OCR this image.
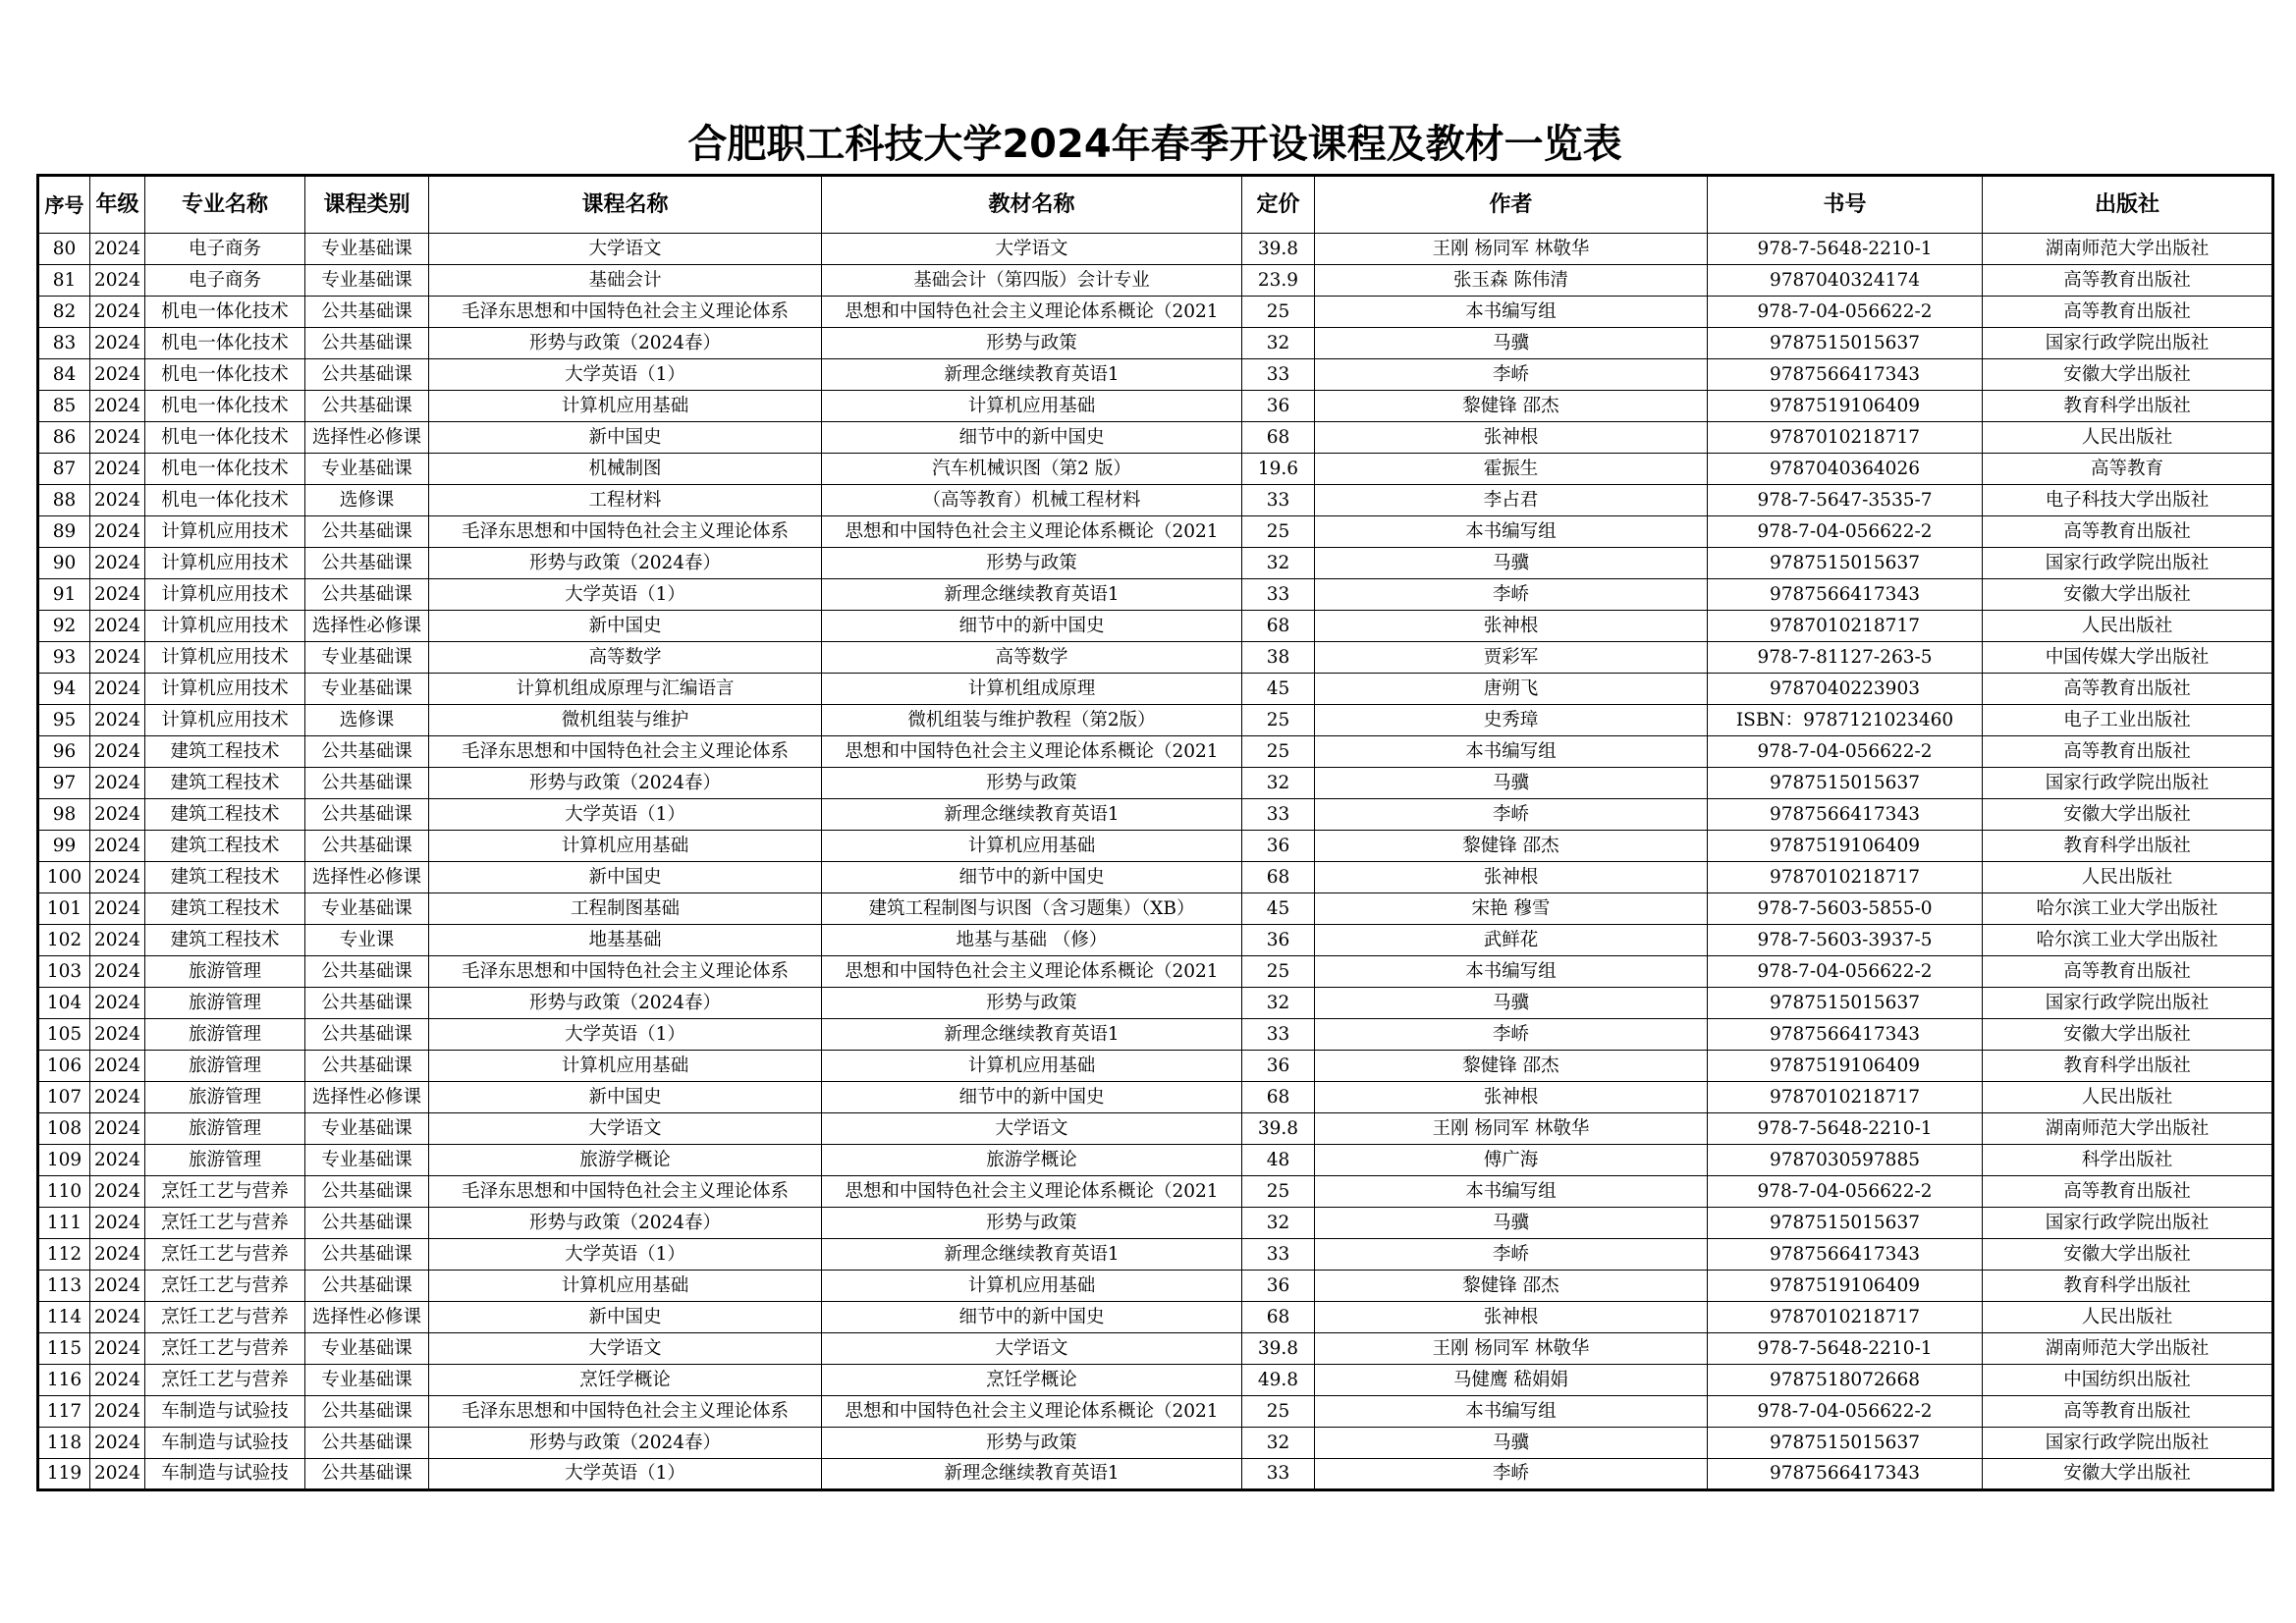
合肥职工科技大学2024年春季开设课程及教材一览表
序号	年级	专业名称	课程类别	课程名称	教材名称	定价	作者	书号	出版社
80	2024	电子商务	专业基础课	大学语文	大学语文	39.8	王刚 杨同军 林敬华	978-7-5648-2210-1	湖南师范大学出版社
81	2024	电子商务	专业基础课	基础会计	基础会计（第四版）会计专业	23.9	张玉森 陈伟清	9787040324174	高等教育出版社
82	2024	机电一体化技术	公共基础课	毛泽东思想和中国特色社会主义理论体系	思想和中国特色社会主义理论体系概论（2021	25	本书编写组	978-7-04-056622-2	高等教育出版社
83	2024	机电一体化技术	公共基础课	形势与政策（2024春）	形势与政策	32	马骥	9787515015637	国家行政学院出版社
84	2024	机电一体化技术	公共基础课	大学英语（1）	新理念继续教育英语1	33	李峤	9787566417343	安徽大学出版社
85	2024	机电一体化技术	公共基础课	计算机应用基础	计算机应用基础	36	黎健锋 邵杰	9787519106409	教育科学出版社
86	2024	机电一体化技术	选择性必修课	新中国史	细节中的新中国史	68	张神根	9787010218717	人民出版社
87	2024	机电一体化技术	专业基础课	机械制图	汽车机械识图（第2 版）	19.6	霍振生	9787040364026	高等教育
88	2024	机电一体化技术	选修课	工程材料	（高等教育）机械工程材料	33	李占君	978-7-5647-3535-7	电子科技大学出版社
89	2024	计算机应用技术	公共基础课	毛泽东思想和中国特色社会主义理论体系	思想和中国特色社会主义理论体系概论（2021	25	本书编写组	978-7-04-056622-2	高等教育出版社
90	2024	计算机应用技术	公共基础课	形势与政策（2024春）	形势与政策	32	马骥	9787515015637	国家行政学院出版社
91	2024	计算机应用技术	公共基础课	大学英语（1）	新理念继续教育英语1	33	李峤	9787566417343	安徽大学出版社
92	2024	计算机应用技术	选择性必修课	新中国史	细节中的新中国史	68	张神根	9787010218717	人民出版社
93	2024	计算机应用技术	专业基础课	高等数学	高等数学	38	贾彩军	978-7-81127-263-5	中国传媒大学出版社
94	2024	计算机应用技术	专业基础课	计算机组成原理与汇编语言	计算机组成原理	45	唐朔飞	9787040223903	高等教育出版社
95	2024	计算机应用技术	选修课	微机组装与维护	微机组装与维护教程（第2版）	25	史秀璋	ISBN：9787121023460	电子工业出版社
96	2024	建筑工程技术	公共基础课	毛泽东思想和中国特色社会主义理论体系	思想和中国特色社会主义理论体系概论（2021	25	本书编写组	978-7-04-056622-2	高等教育出版社
97	2024	建筑工程技术	公共基础课	形势与政策（2024春）	形势与政策	32	马骥	9787515015637	国家行政学院出版社
98	2024	建筑工程技术	公共基础课	大学英语（1）	新理念继续教育英语1	33	李峤	9787566417343	安徽大学出版社
99	2024	建筑工程技术	公共基础课	计算机应用基础	计算机应用基础	36	黎健锋 邵杰	9787519106409	教育科学出版社
100	2024	建筑工程技术	选择性必修课	新中国史	细节中的新中国史	68	张神根	9787010218717	人民出版社
101	2024	建筑工程技术	专业基础课	工程制图基础	建筑工程制图与识图（含习题集）（XB）	45	宋艳 穆雪	978-7-5603-5855-0	哈尔滨工业大学出版社
102	2024	建筑工程技术	专业课	地基基础	地基与基础 （修）	36	武鲜花	978-7-5603-3937-5	哈尔滨工业大学出版社
103	2024	旅游管理	公共基础课	毛泽东思想和中国特色社会主义理论体系	思想和中国特色社会主义理论体系概论（2021	25	本书编写组	978-7-04-056622-2	高等教育出版社
104	2024	旅游管理	公共基础课	形势与政策（2024春）	形势与政策	32	马骥	9787515015637	国家行政学院出版社
105	2024	旅游管理	公共基础课	大学英语（1）	新理念继续教育英语1	33	李峤	9787566417343	安徽大学出版社
106	2024	旅游管理	公共基础课	计算机应用基础	计算机应用基础	36	黎健锋 邵杰	9787519106409	教育科学出版社
107	2024	旅游管理	选择性必修课	新中国史	细节中的新中国史	68	张神根	9787010218717	人民出版社
108	2024	旅游管理	专业基础课	大学语文	大学语文	39.8	王刚 杨同军 林敬华	978-7-5648-2210-1	湖南师范大学出版社
109	2024	旅游管理	专业基础课	旅游学概论	旅游学概论	48	傅广海	9787030597885	科学出版社
110	2024	烹饪工艺与营养	公共基础课	毛泽东思想和中国特色社会主义理论体系	思想和中国特色社会主义理论体系概论（2021	25	本书编写组	978-7-04-056622-2	高等教育出版社
111	2024	烹饪工艺与营养	公共基础课	形势与政策（2024春）	形势与政策	32	马骥	9787515015637	国家行政学院出版社
112	2024	烹饪工艺与营养	公共基础课	大学英语（1）	新理念继续教育英语1	33	李峤	9787566417343	安徽大学出版社
113	2024	烹饪工艺与营养	公共基础课	计算机应用基础	计算机应用基础	36	黎健锋 邵杰	9787519106409	教育科学出版社
114	2024	烹饪工艺与营养	选择性必修课	新中国史	细节中的新中国史	68	张神根	9787010218717	人民出版社
115	2024	烹饪工艺与营养	专业基础课	大学语文	大学语文	39.8	王刚 杨同军 林敬华	978-7-5648-2210-1	湖南师范大学出版社
116	2024	烹饪工艺与营养	专业基础课	烹饪学概论	烹饪学概论	49.8	马健鹰 嵇娟娟	9787518072668	中国纺织出版社
117	2024	车制造与试验技	公共基础课	毛泽东思想和中国特色社会主义理论体系	思想和中国特色社会主义理论体系概论（2021	25	本书编写组	978-7-04-056622-2	高等教育出版社
118	2024	车制造与试验技	公共基础课	形势与政策（2024春）	形势与政策	32	马骥	9787515015637	国家行政学院出版社
119	2024	车制造与试验技	公共基础课	大学英语（1）	新理念继续教育英语1	33	李峤	9787566417343	安徽大学出版社
